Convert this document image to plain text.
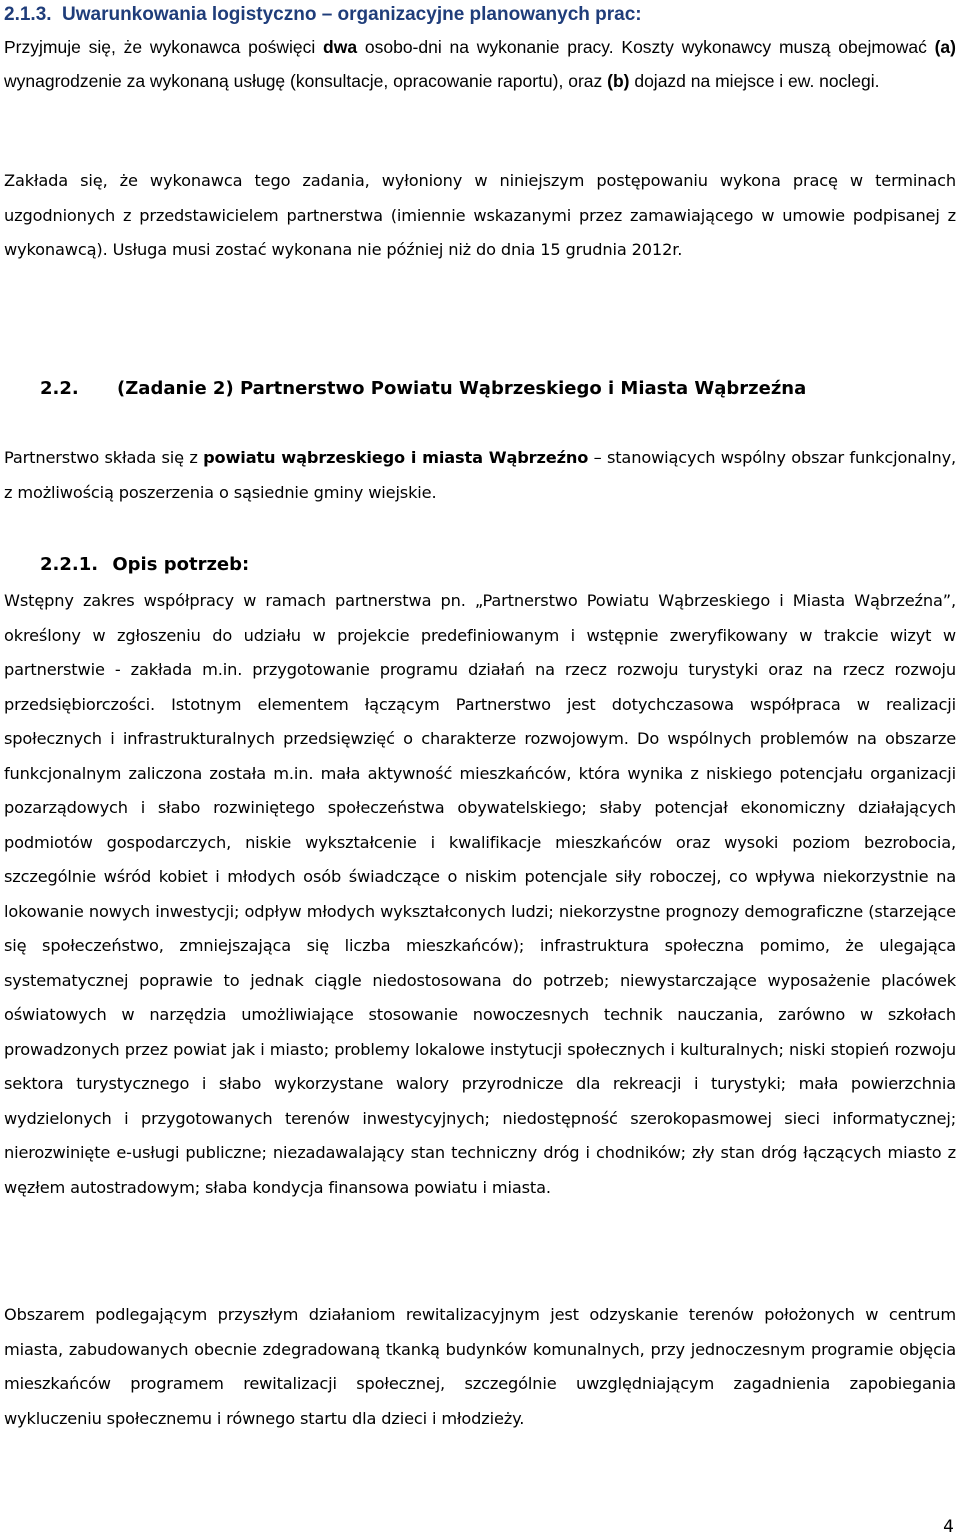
2.1.3. Uwarunkowania logistyczno – organizacyjne planowanych prac:

Przyjmuje się, że wykonawca poświęci dwa osobo-dni na wykonanie pracy. Koszty wykonawcy muszą obejmować (a) wynagrodzenie za wykonaną usługę (konsultacje, opracowanie raportu), oraz (b) dojazd na miejsce i ew. noclegi.

Zakłada się, że wykonawca tego zadania, wyłoniony w niniejszym postępowaniu wykona pracę w terminach uzgodnionych z przedstawicielem partnerstwa (imiennie wskazanymi przez zamawiającego w umowie podpisanej z wykonawcą). Usługa musi zostać wykonana nie później niż do dnia 15 grudnia 2012r.

2.2. (Zadanie 2) Partnerstwo Powiatu Wąbrzeskiego i Miasta Wąbrzeźna

Partnerstwo składa się z powiatu wąbrzeskiego i miasta Wąbrzeźno – stanowiących wspólny obszar funkcjonalny, z możliwością poszerzenia o sąsiednie gminy wiejskie.

2.2.1. Opis potrzeb:

Wstępny zakres współpracy w ramach partnerstwa pn. „Partnerstwo Powiatu Wąbrzeskiego i Miasta Wąbrzeźna”, określony w zgłoszeniu do udziału w projekcie predefiniowanym i wstępnie zweryfikowany w trakcie wizyt w partnerstwie - zakłada m.in. przygotowanie programu działań na rzecz rozwoju turystyki oraz na rzecz rozwoju przedsiębiorczości. Istotnym elementem łączącym Partnerstwo jest dotychczasowa współpraca w realizacji społecznych i infrastrukturalnych przedsięwzięć o charakterze rozwojowym. Do wspólnych problemów na obszarze funkcjonalnym zaliczona została m.in. mała aktywność mieszkańców, która wynika z niskiego potencjału organizacji pozarządowych i słabo rozwiniętego społeczeństwa obywatelskiego; słaby potencjał ekonomiczny działających podmiotów gospodarczych, niskie wykształcenie i kwalifikacje mieszkańców oraz wysoki poziom bezrobocia, szczególnie wśród kobiet i młodych osób świadczące o niskim potencjale siły roboczej, co wpływa niekorzystnie na lokowanie nowych inwestycji; odpływ młodych wykształconych ludzi; niekorzystne prognozy demograficzne (starzejące się społeczeństwo, zmniejszająca się liczba mieszkańców); infrastruktura społeczna pomimo, że ulegająca systematycznej poprawie to jednak ciągle niedostosowana do potrzeb; niewystarczające wyposażenie placówek oświatowych w narzędzia umożliwiające stosowanie nowoczesnych technik nauczania, zarówno w szkołach prowadzonych przez powiat jak i miasto; problemy lokalowe instytucji społecznych i kulturalnych; niski stopień rozwoju sektora turystycznego i słabo wykorzystane walory przyrodnicze dla rekreacji i turystyki; mała powierzchnia wydzielonych i przygotowanych terenów inwestycyjnych; niedostępność szerokopasmowej sieci informatycznej; nierozwinięte e-usługi publiczne; niezadawalający stan techniczny dróg i chodników; zły stan dróg łączących miasto z węzłem autostradowym; słaba kondycja finansowa powiatu i miasta.

Obszarem podlegającym przyszłym działaniom rewitalizacyjnym jest odzyskanie terenów położonych w centrum miasta, zabudowanych obecnie zdegradowaną tkanką budynków komunalnych, przy jednoczesnym programie objęcia mieszkańców programem rewitalizacji społecznej, szczególnie uwzględniającym zagadnienia zapobiegania wykluczeniu społecznemu i równego startu dla dzieci i młodzieży.

4
